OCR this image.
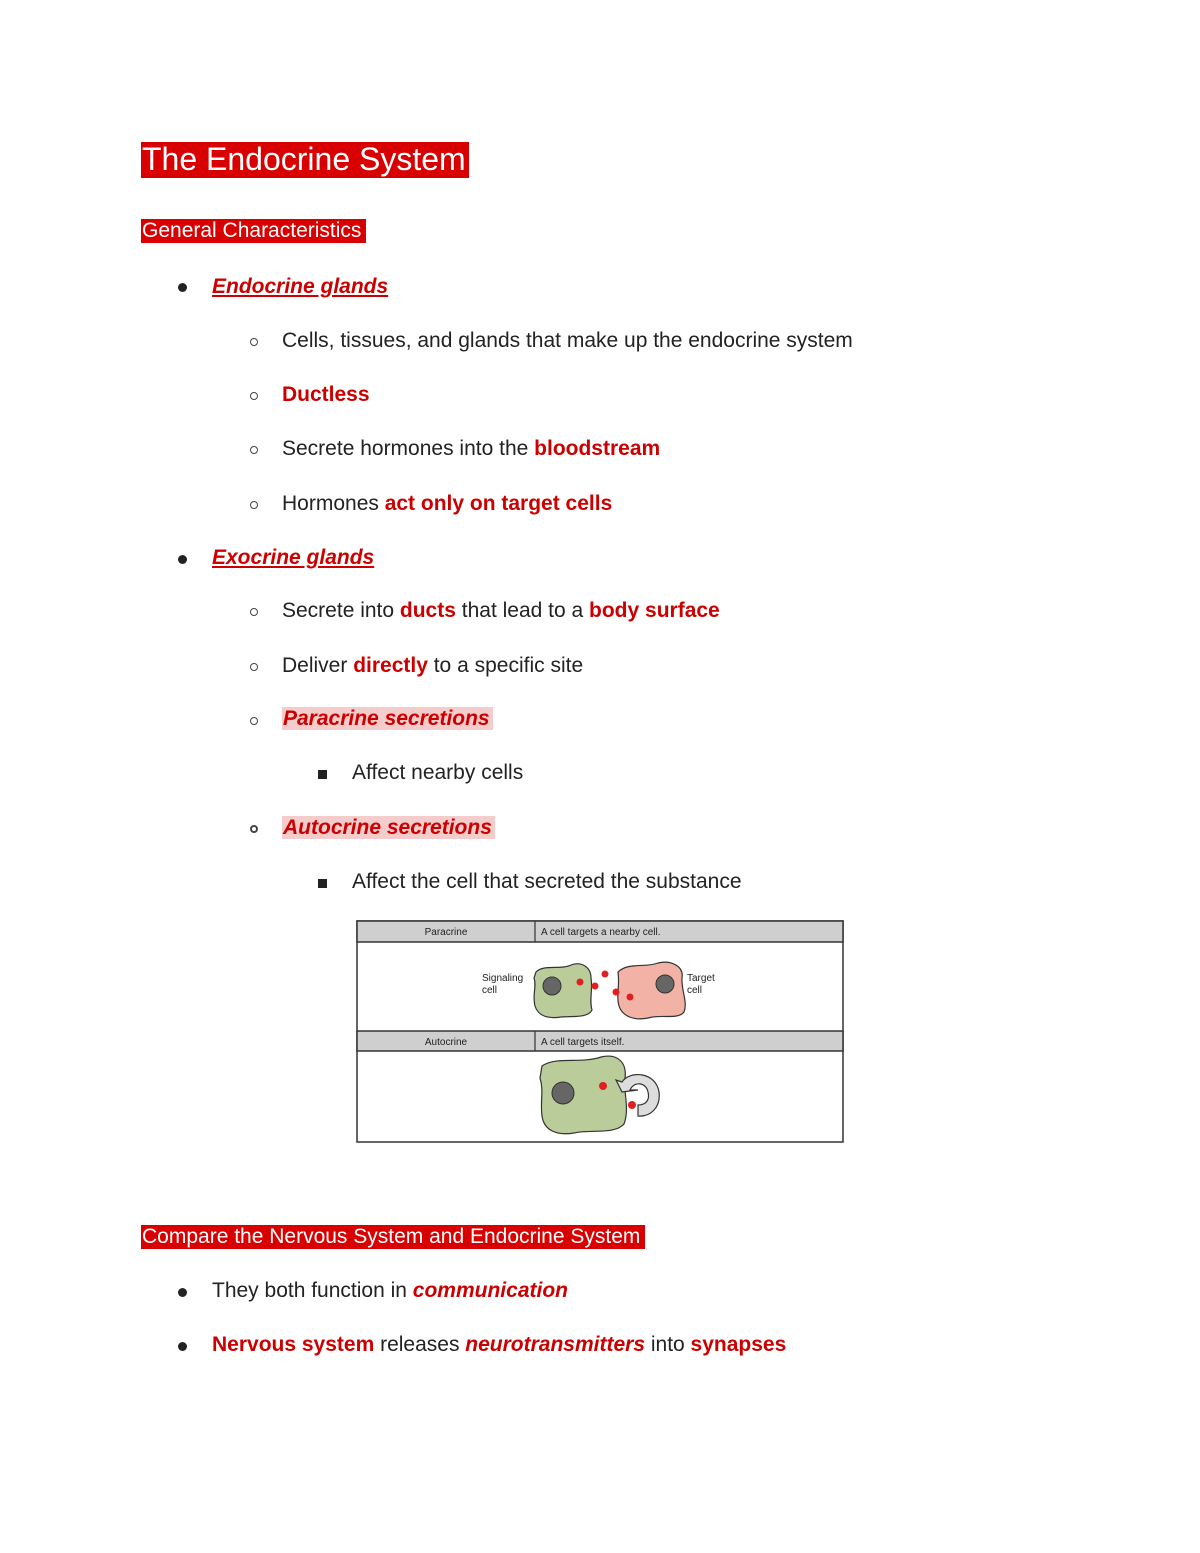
The Endocrine System
General Characteristics
Endocrine glands
Cells, tissues, and glands that make up the endocrine system
Ductless
Secrete hormones into the bloodstream
Hormones act only on target cells
Exocrine glands
Secrete into ducts that lead to a body surface
Deliver directly to a specific site
Paracrine secretions
Affect nearby cells
Autocrine secretions
Affect the cell that secreted the substance
Paracrine	A cell targets a nearby cell.
Signaling
cell
Target
cell
Autocrine	A cell targets itself.
Compare the Nervous System and Endocrine System
They both function in communication
Nervous system releases neurotransmitters into synapses
